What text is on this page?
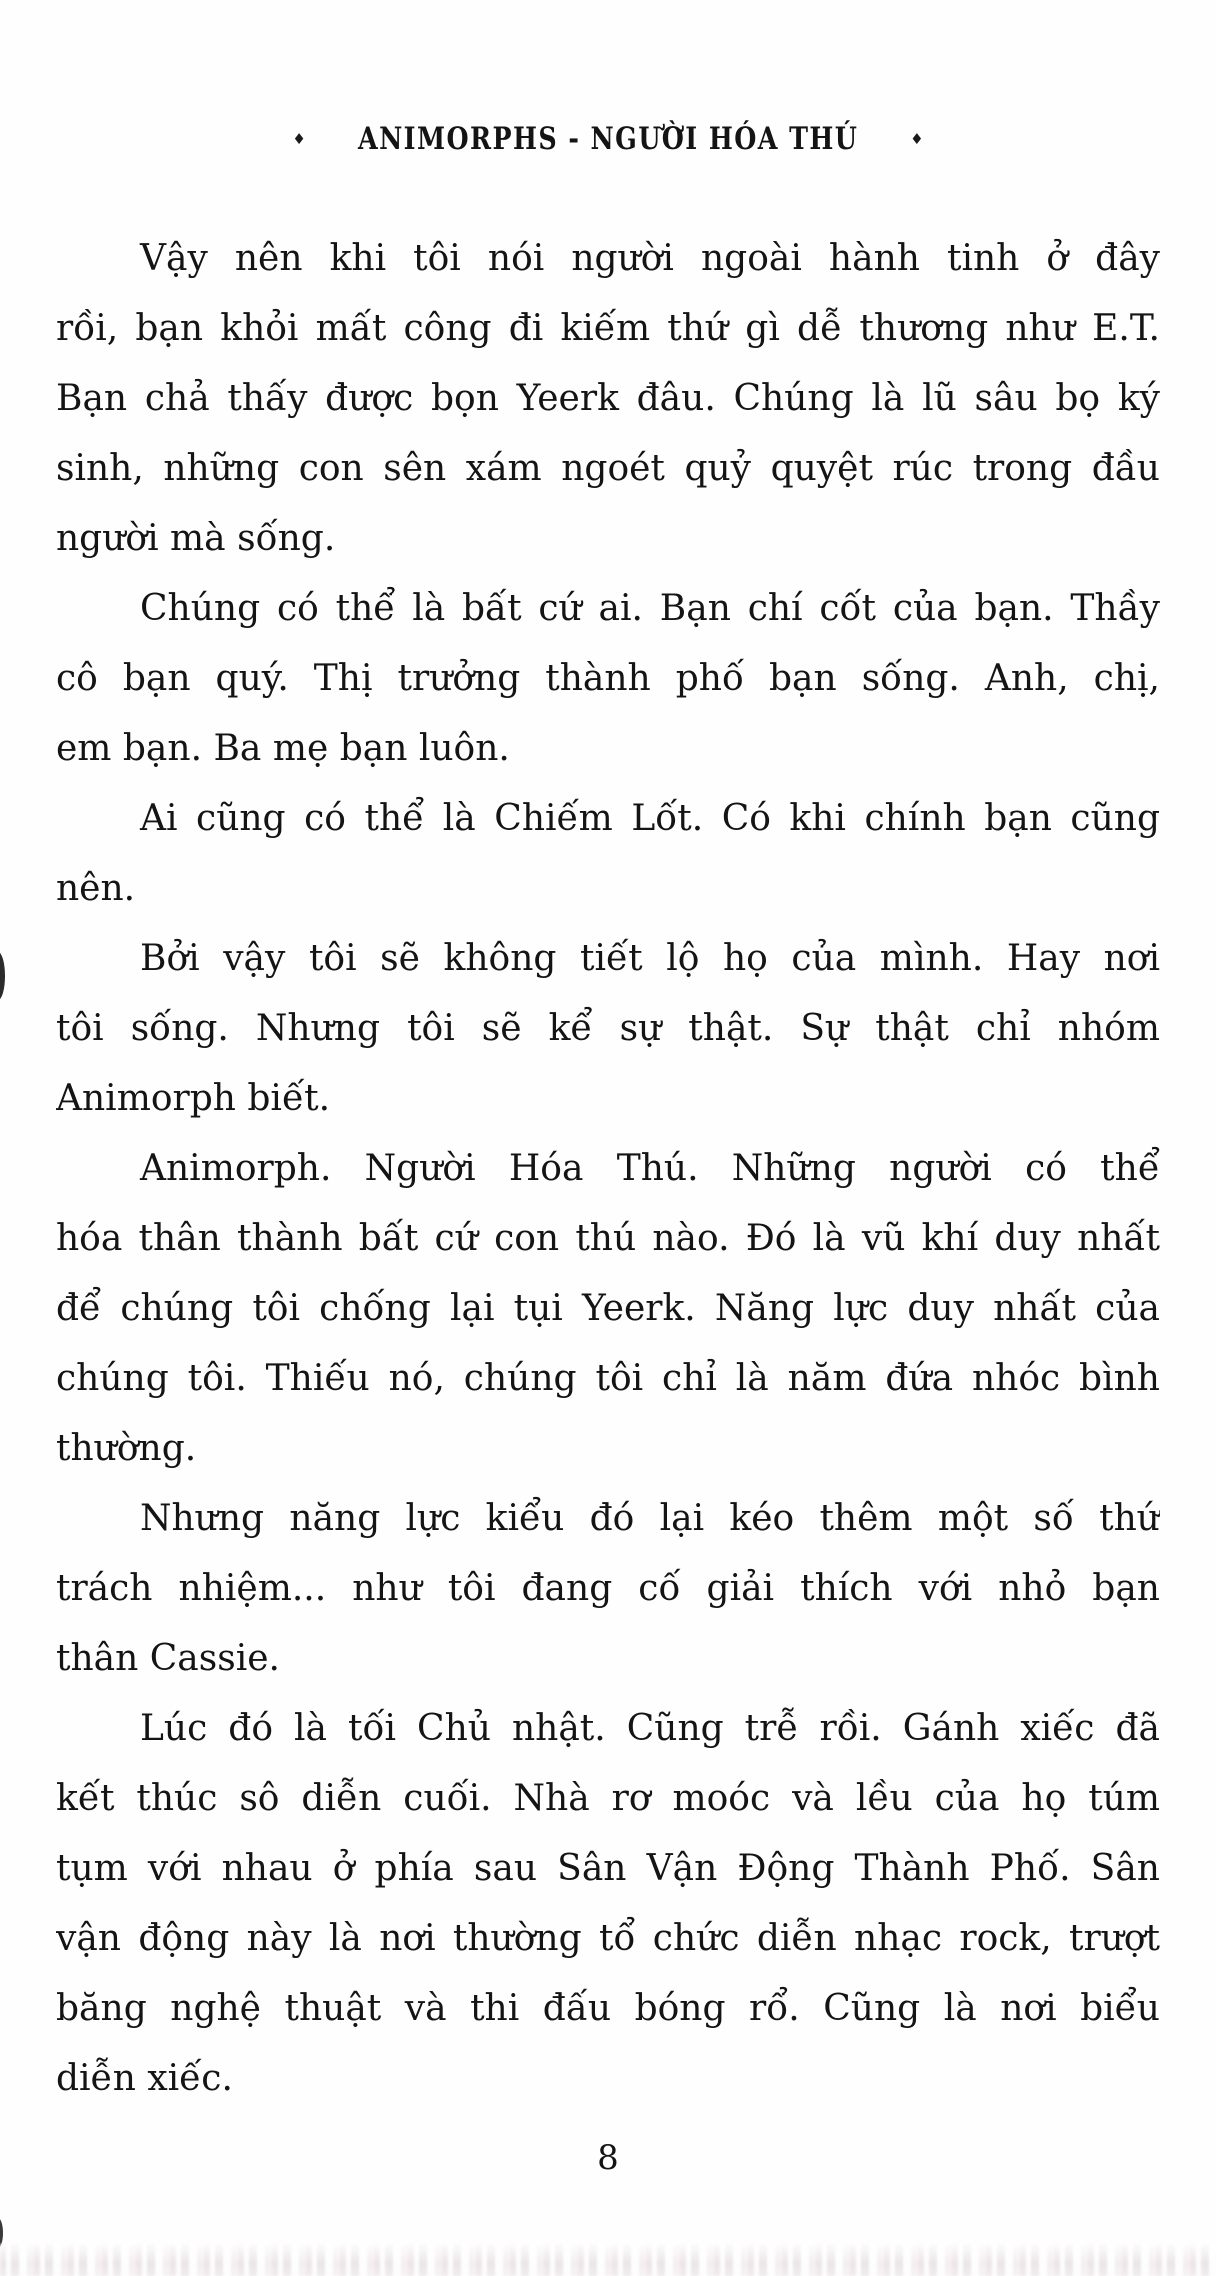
♦ ANIMORPHS - NGƯỜI HÓA THÚ	♦
Vậy nên khi tôi nói người ngoài hành tinh ở đây
rồi, bạn khỏi mất công đi kiếm thứ gì dễ thương như E.T.
Bạn chả thấy được bọn Yeerk đâu. Chúng là lũ sâu bọ ký
sinh, những con sên xám ngoét quỷ quyệt rúc trong đầu
người mà sống.
Chúng có thể là bất cứ ai. Bạn chí cốt của bạn. Thầy
cô bạn quý. Thị trưởng thành phố bạn sống. Anh, chị,
em bạn. Ba mẹ bạn luôn.
Ai cũng có thể là Chiếm Lốt. Có khi chính bạn cũng
nên.
Bởi vậy tôi sẽ không tiết lộ họ của mình. Hay nơi
tôi sống. Nhưng tôi sẽ kể sự thật. Sự thật chỉ nhóm
Animorph biết.
Animorph. Người Hóa Thú. Những người có thể
hóa thân thành bất cứ con thú nào. Đó là vũ khí duy nhất
để chúng tôi chống lại tụi Yeerk. Năng lực duy nhất của
chúng tôi. Thiếu nó, chúng tôi chỉ là năm đứa nhóc bình
thường.
Nhưng năng lực kiểu đó lại kéo thêm một số thứ
trách nhiệm... như tôi đang cố giải thích với nhỏ bạn
thân Cassie.
Lúc đó là tối Chủ nhật. Cũng trễ rồi. Gánh xiếc đã
kết thúc sô diễn cuối. Nhà rơ moóc và lều của họ túm
tụm với nhau ở phía sau Sân Vận Động Thành Phố. Sân
vận động này là nơi thường tổ chức diễn nhạc rock, trượt
băng nghệ thuật và thi đấu bóng rổ. Cũng là nơi biểu
diễn xiếc.
8
